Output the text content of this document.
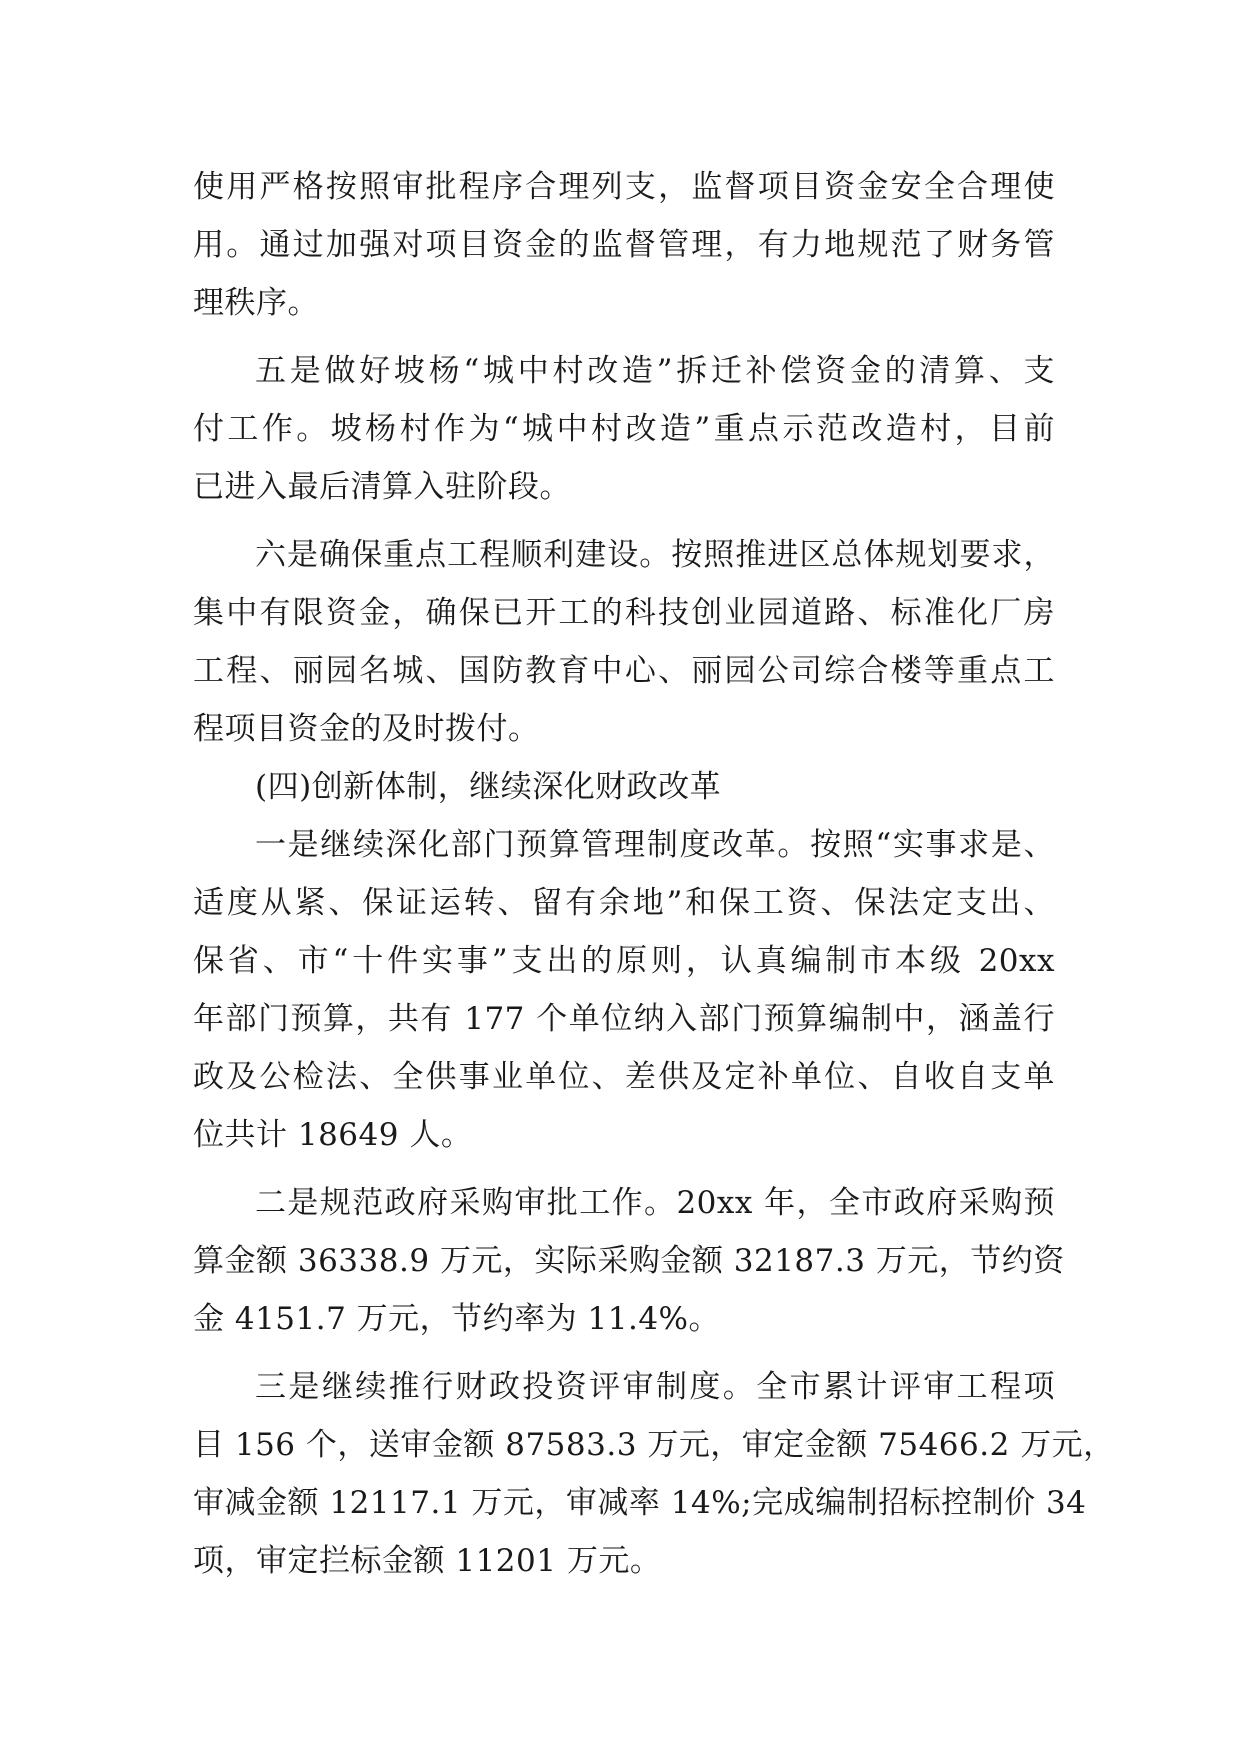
使用严格按照审批程序合理列支，监督项目资金安全合理使
用。通过加强对项目资金的监督管理，有力地规范了财务管
理秩序。
五是做好坡杨“城中村改造”拆迁补偿资金的清算、支
付工作。坡杨村作为“城中村改造”重点示范改造村，目前
已进入最后清算入驻阶段。
六是确保重点工程顺利建设。按照推进区总体规划要求，
集中有限资金，确保已开工的科技创业园道路、标准化厂房
工程、丽园名城、国防教育中心、丽园公司综合楼等重点工
程项目资金的及时拨付。
(四)创新体制，继续深化财政改革
一是继续深化部门预算管理制度改革。按照“实事求是、
适度从紧、保证运转、留有余地”和保工资、保法定支出、
保省、市“十件实事”支出的原则，认真编制市本级 20xx
年部门预算，共有 177 个单位纳入部门预算编制中，涵盖行
政及公检法、全供事业单位、差供及定补单位、自收自支单
位共计 18649 人。
二是规范政府采购审批工作。20xx 年，全市政府采购预
算金额 36338.9 万元，实际采购金额 32187.3 万元，节约资
金 4151.7 万元，节约率为 11.4%。
三是继续推行财政投资评审制度。全市累计评审工程项
目 156 个，送审金额 87583.3 万元，审定金额 75466.2 万元，
审减金额 12117.1 万元，审减率 14%;完成编制招标控制价 34
项，审定拦标金额 11201 万元。
